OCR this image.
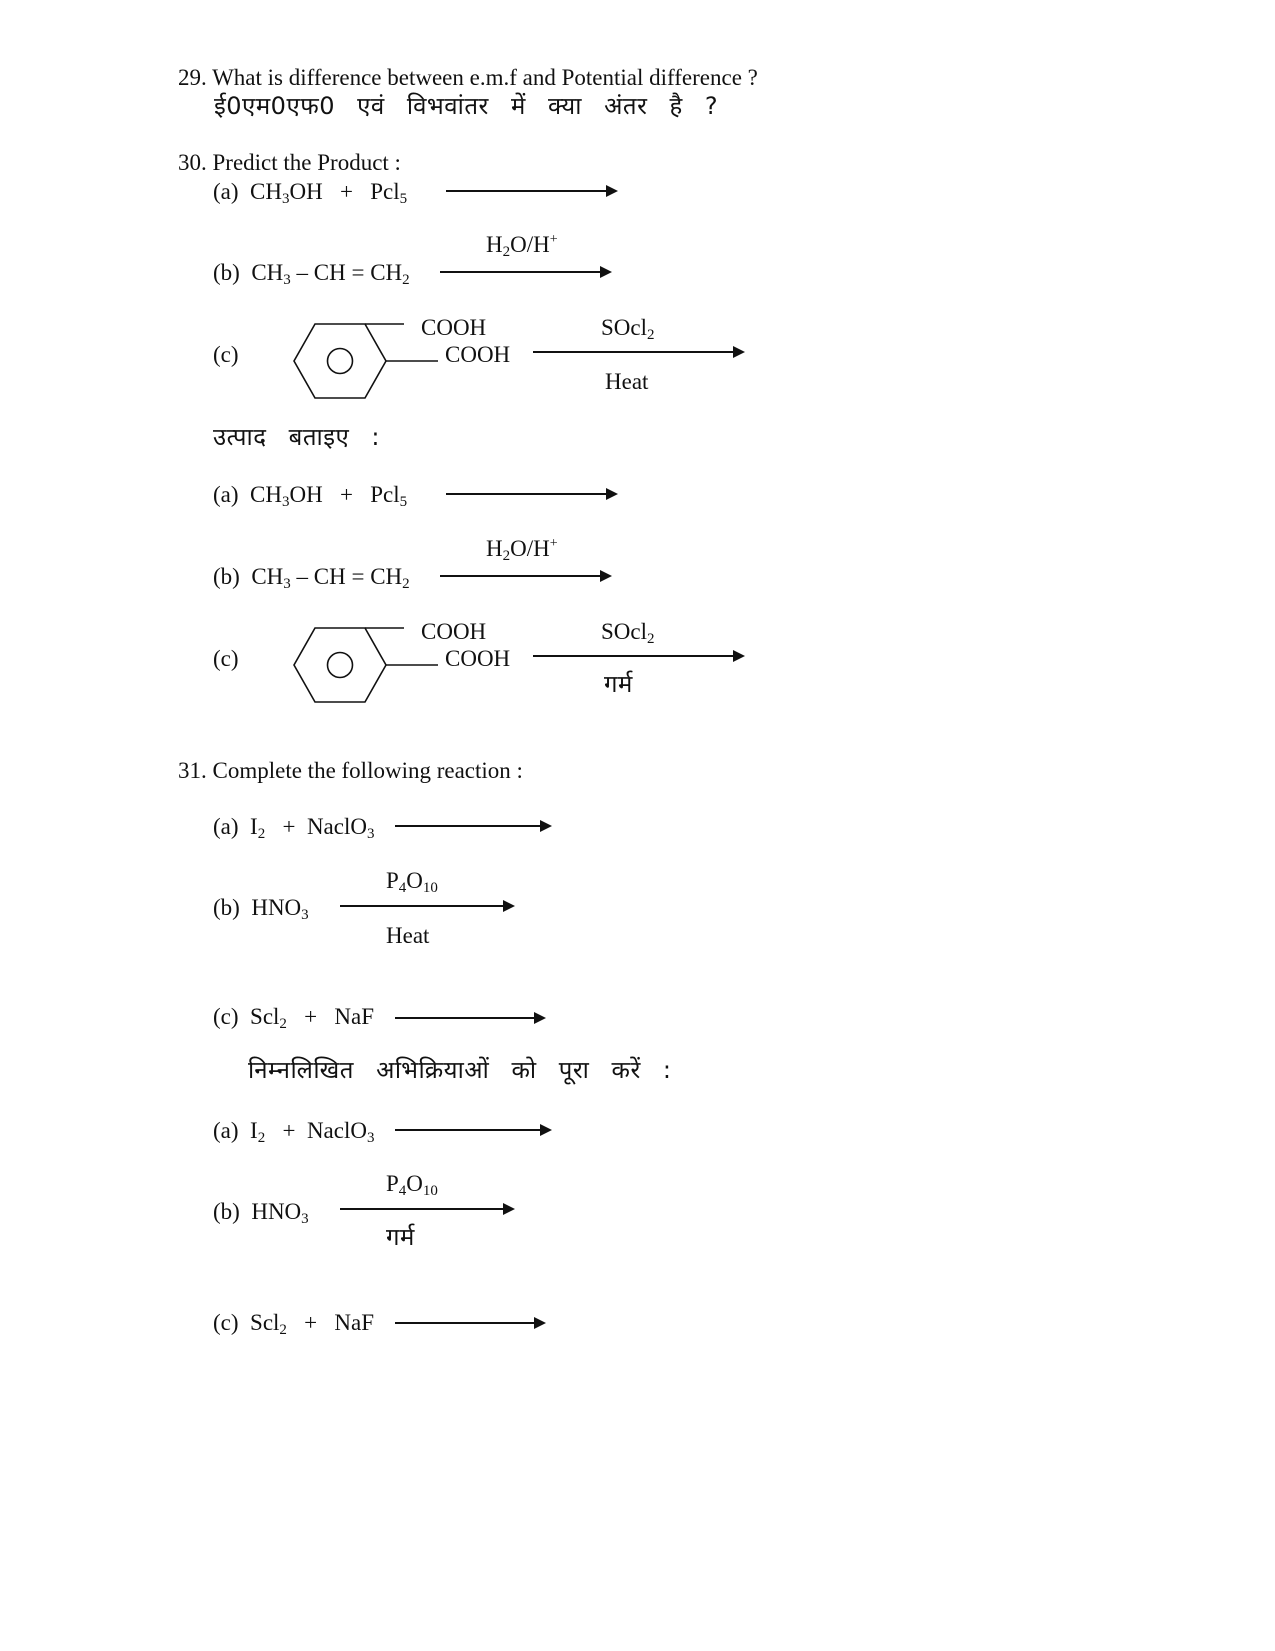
29. What is difference between e.m.f and Potential difference ?
ई0एम0एफ0 एवं विभवांतर में क्या अंतर है ?
30. Predict the Product :
(a) CH3OH + Pcl5
H2O/H+
(b) CH3 – CH = CH2
(c)
COOH
COOH
SOcl2
Heat
उत्पाद बताइए :
(a) CH3OH + Pcl5
H2O/H+
(b) CH3 – CH = CH2
(c)
COOH
COOH
SOcl2
गर्म
31. Complete the following reaction :
(a) I2 + NaclO3
P4O10
(b) HNO3
Heat
(c) Scl2 + NaF
निम्नलिखित अभिक्रियाओं को पूरा करें :
(a) I2 + NaclO3
P4O10
(b) HNO3
गर्म
(c) Scl2 + NaF
